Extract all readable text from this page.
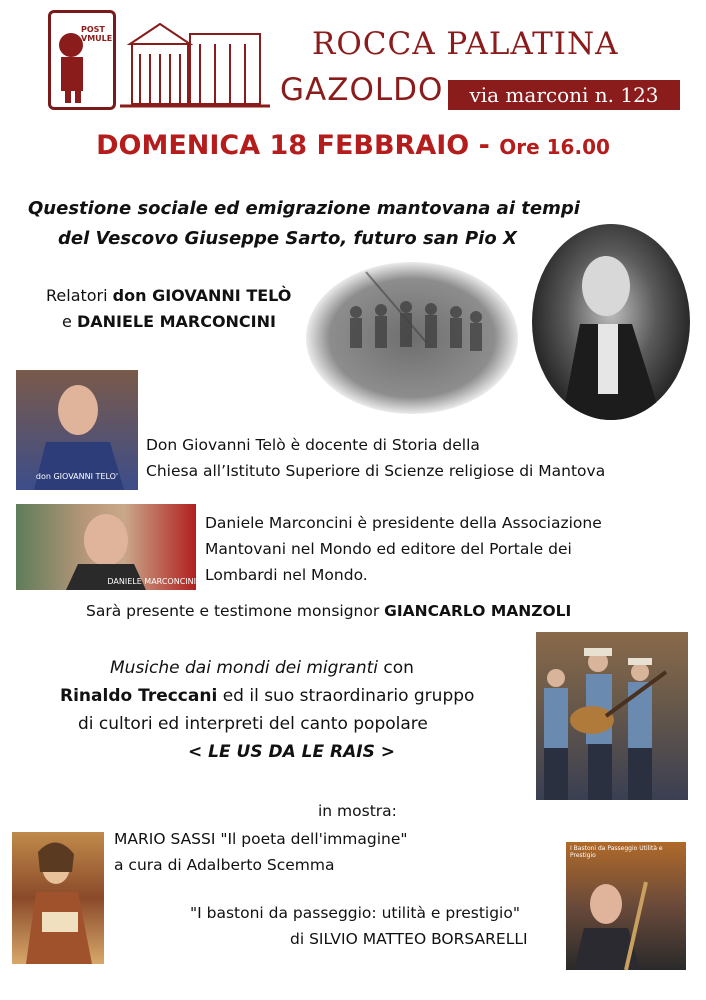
POST VMULE	ROCCA PALATINA
GAZOLDO	via marconi n. 123
DOMENICA 18 FEBBRAIO - Ore 16.00
Questione sociale ed emigrazione mantovana ai tempi
del Vescovo Giuseppe Sarto, futuro san Pio X
Relatori don GIOVANNI TELÒ
e DANIELE MARCONCINI
don GIOVANNI TELO'
Don Giovanni Telò è docente di Storia della
Chiesa all’Istituto Superiore di Scienze religiose di Mantova
DANIELE MARCONCINI
Daniele Marconcini è presidente della Associazione
Mantovani nel Mondo ed editore del Portale dei
Lombardi nel Mondo.
Sarà presente e testimone monsignor GIANCARLO MANZOLI
Musiche dai mondi dei migranti con
Rinaldo Treccani ed il suo straordinario gruppo
di cultori ed interpreti del canto popolare
< LE US DA LE RAIS >
in mostra:
MARIO SASSI "Il poeta dell'immagine"
a cura di Adalberto Scemma
"I bastoni da passeggio: utilità e prestigio"
di SILVIO MATTEO BORSARELLI
I Bastoni da Passeggio Utilità e Prestigio
